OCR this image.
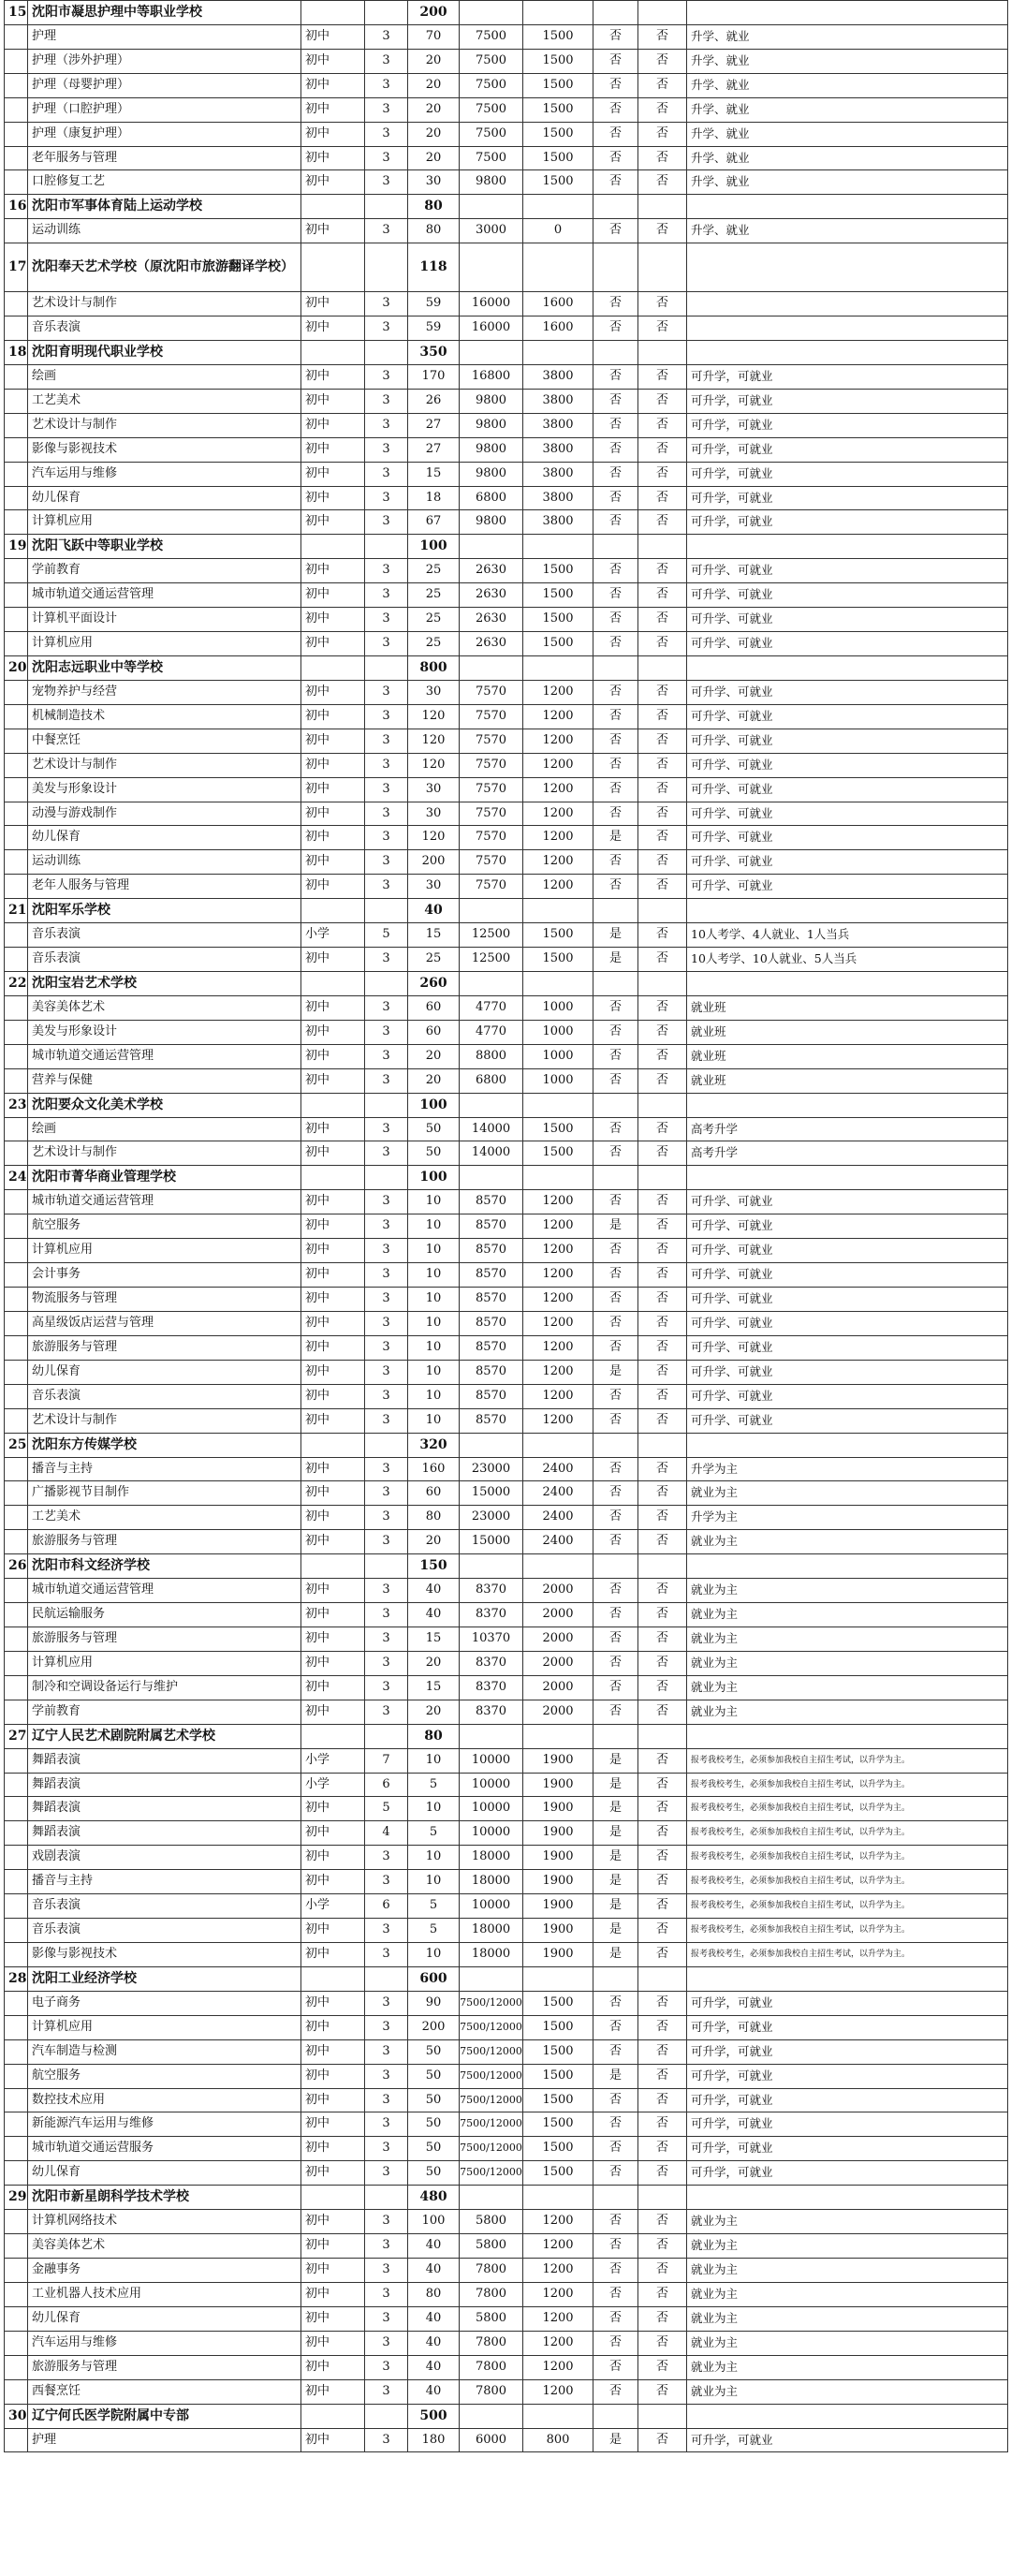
15	沈阳市凝思护理中等职业学校			200					
	护理	初中	3	70	7500	1500	否	否	升学、就业
	护理（涉外护理）	初中	3	20	7500	1500	否	否	升学、就业
	护理（母婴护理）	初中	3	20	7500	1500	否	否	升学、就业
	护理（口腔护理）	初中	3	20	7500	1500	否	否	升学、就业
	护理（康复护理）	初中	3	20	7500	1500	否	否	升学、就业
	老年服务与管理	初中	3	20	7500	1500	否	否	升学、就业
	口腔修复工艺	初中	3	30	9800	1500	否	否	升学、就业
16	沈阳市军事体育陆上运动学校			80					
	运动训练	初中	3	80	3000	0	否	否	升学、就业
17	沈阳奉天艺术学校（原沈阳市旅游翻译学校）			118					
	艺术设计与制作	初中	3	59	16000	1600	否	否	
	音乐表演	初中	3	59	16000	1600	否	否	
18	沈阳育明现代职业学校			350					
	绘画	初中	3	170	16800	3800	否	否	可升学，可就业
	工艺美术	初中	3	26	9800	3800	否	否	可升学，可就业
	艺术设计与制作	初中	3	27	9800	3800	否	否	可升学，可就业
	影像与影视技术	初中	3	27	9800	3800	否	否	可升学，可就业
	汽车运用与维修	初中	3	15	9800	3800	否	否	可升学，可就业
	幼儿保育	初中	3	18	6800	3800	否	否	可升学，可就业
	计算机应用	初中	3	67	9800	3800	否	否	可升学，可就业
19	沈阳飞跃中等职业学校			100					
	学前教育	初中	3	25	2630	1500	否	否	可升学、可就业
	城市轨道交通运营管理	初中	3	25	2630	1500	否	否	可升学、可就业
	计算机平面设计	初中	3	25	2630	1500	否	否	可升学、可就业
	计算机应用	初中	3	25	2630	1500	否	否	可升学、可就业
20	沈阳志远职业中等学校			800					
	宠物养护与经营	初中	3	30	7570	1200	否	否	可升学、可就业
	机械制造技术	初中	3	120	7570	1200	否	否	可升学、可就业
	中餐烹饪	初中	3	120	7570	1200	否	否	可升学、可就业
	艺术设计与制作	初中	3	120	7570	1200	否	否	可升学、可就业
	美发与形象设计	初中	3	30	7570	1200	否	否	可升学、可就业
	动漫与游戏制作	初中	3	30	7570	1200	否	否	可升学、可就业
	幼儿保育	初中	3	120	7570	1200	是	否	可升学、可就业
	运动训练	初中	3	200	7570	1200	否	否	可升学、可就业
	老年人服务与管理	初中	3	30	7570	1200	否	否	可升学、可就业
21	沈阳军乐学校			40					
	音乐表演	小学	5	15	12500	1500	是	否	10人考学、4人就业、1人当兵
	音乐表演	初中	3	25	12500	1500	是	否	10人考学、10人就业、5人当兵
22	沈阳宝岩艺术学校			260					
	美容美体艺术	初中	3	60	4770	1000	否	否	就业班
	美发与形象设计	初中	3	60	4770	1000	否	否	就业班
	城市轨道交通运营管理	初中	3	20	8800	1000	否	否	就业班
	营养与保健	初中	3	20	6800	1000	否	否	就业班
23	沈阳要众文化美术学校			100					
	绘画	初中	3	50	14000	1500	否	否	高考升学
	艺术设计与制作	初中	3	50	14000	1500	否	否	高考升学
24	沈阳市菁华商业管理学校			100					
	城市轨道交通运营管理	初中	3	10	8570	1200	否	否	可升学、可就业
	航空服务	初中	3	10	8570	1200	是	否	可升学、可就业
	计算机应用	初中	3	10	8570	1200	否	否	可升学、可就业
	会计事务	初中	3	10	8570	1200	否	否	可升学、可就业
	物流服务与管理	初中	3	10	8570	1200	否	否	可升学、可就业
	高星级饭店运营与管理	初中	3	10	8570	1200	否	否	可升学、可就业
	旅游服务与管理	初中	3	10	8570	1200	否	否	可升学、可就业
	幼儿保育	初中	3	10	8570	1200	是	否	可升学、可就业
	音乐表演	初中	3	10	8570	1200	否	否	可升学、可就业
	艺术设计与制作	初中	3	10	8570	1200	否	否	可升学、可就业
25	沈阳东方传媒学校			320					
	播音与主持	初中	3	160	23000	2400	否	否	升学为主
	广播影视节目制作	初中	3	60	15000	2400	否	否	就业为主
	工艺美术	初中	3	80	23000	2400	否	否	升学为主
	旅游服务与管理	初中	3	20	15000	2400	否	否	就业为主
26	沈阳市科文经济学校			150					
	城市轨道交通运营管理	初中	3	40	8370	2000	否	否	就业为主
	民航运输服务	初中	3	40	8370	2000	否	否	就业为主
	旅游服务与管理	初中	3	15	10370	2000	否	否	就业为主
	计算机应用	初中	3	20	8370	2000	否	否	就业为主
	制冷和空调设备运行与维护	初中	3	15	8370	2000	否	否	就业为主
	学前教育	初中	3	20	8370	2000	否	否	就业为主
27	辽宁人民艺术剧院附属艺术学校			80					
	舞蹈表演	小学	7	10	10000	1900	是	否	报考我校考生，必须参加我校自主招生考试，以升学为主。
	舞蹈表演	小学	6	5	10000	1900	是	否	报考我校考生，必须参加我校自主招生考试，以升学为主。
	舞蹈表演	初中	5	10	10000	1900	是	否	报考我校考生，必须参加我校自主招生考试，以升学为主。
	舞蹈表演	初中	4	5	10000	1900	是	否	报考我校考生，必须参加我校自主招生考试，以升学为主。
	戏剧表演	初中	3	10	18000	1900	是	否	报考我校考生，必须参加我校自主招生考试，以升学为主。
	播音与主持	初中	3	10	18000	1900	是	否	报考我校考生，必须参加我校自主招生考试，以升学为主。
	音乐表演	小学	6	5	10000	1900	是	否	报考我校考生，必须参加我校自主招生考试，以升学为主。
	音乐表演	初中	3	5	18000	1900	是	否	报考我校考生，必须参加我校自主招生考试，以升学为主。
	影像与影视技术	初中	3	10	18000	1900	是	否	报考我校考生，必须参加我校自主招生考试，以升学为主。
28	沈阳工业经济学校			600					
	电子商务	初中	3	90	7500/12000	1500	否	否	可升学，可就业
	计算机应用	初中	3	200	7500/12000	1500	否	否	可升学，可就业
	汽车制造与检测	初中	3	50	7500/12000	1500	否	否	可升学，可就业
	航空服务	初中	3	50	7500/12000	1500	是	否	可升学，可就业
	数控技术应用	初中	3	50	7500/12000	1500	否	否	可升学，可就业
	新能源汽车运用与维修	初中	3	50	7500/12000	1500	否	否	可升学，可就业
	城市轨道交通运营服务	初中	3	50	7500/12000	1500	否	否	可升学，可就业
	幼儿保育	初中	3	50	7500/12000	1500	否	否	可升学，可就业
29	沈阳市新星朗科学技术学校			480					
	计算机网络技术	初中	3	100	5800	1200	否	否	就业为主
	美容美体艺术	初中	3	40	5800	1200	否	否	就业为主
	金融事务	初中	3	40	7800	1200	否	否	就业为主
	工业机器人技术应用	初中	3	80	7800	1200	否	否	就业为主
	幼儿保育	初中	3	40	5800	1200	否	否	就业为主
	汽车运用与维修	初中	3	40	7800	1200	否	否	就业为主
	旅游服务与管理	初中	3	40	7800	1200	否	否	就业为主
	西餐烹饪	初中	3	40	7800	1200	否	否	就业为主
30	辽宁何氏医学院附属中专部			500					
	护理	初中	3	180	6000	800	是	否	可升学，可就业
